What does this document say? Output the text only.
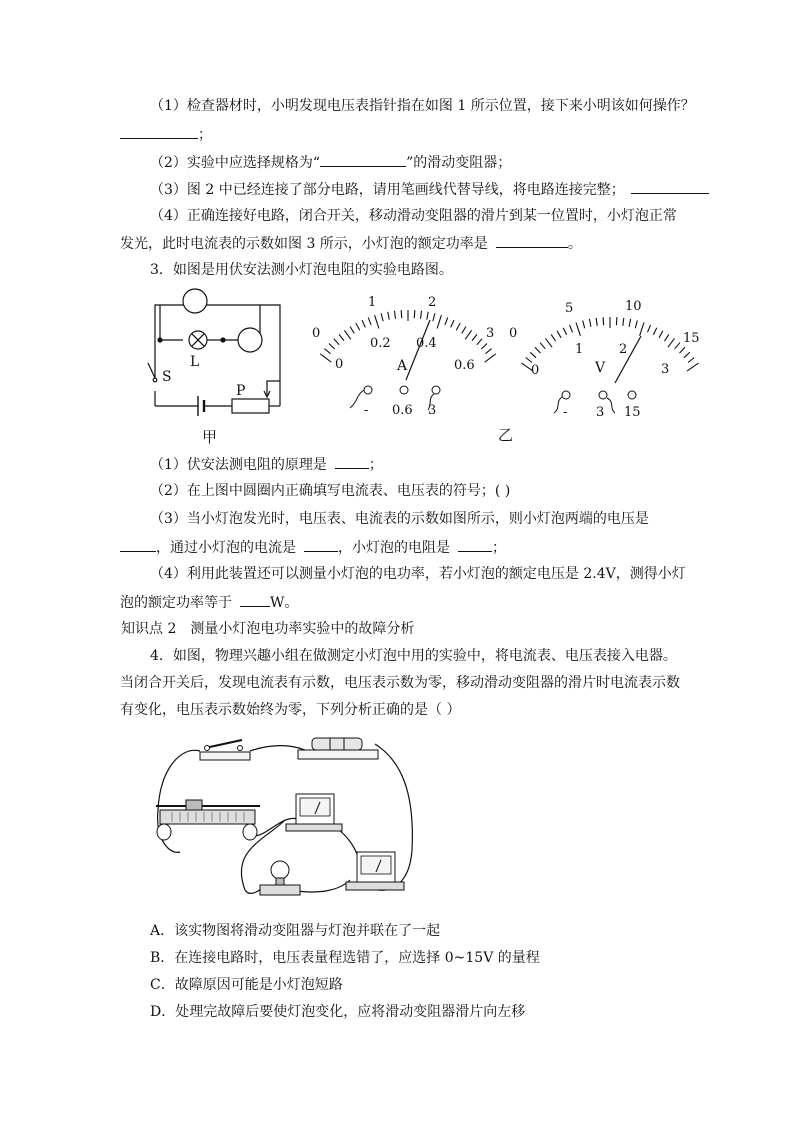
（1）检查器材时，小明发现电压表指针指在如图 1 所示位置，接下来小明该如何操作？
；
（2）实验中应选择规格为“	”的滑动变阻器；
（3）图 2 中已经连接了部分电路，请用笔画线代替导线，将电路连接完整；
（4）正确连接好电路，闭合开关，移动滑动变阻器的滑片到某一位置时，小灯泡正常
发光，此时电流表的示数如图 3 所示，小灯泡的额定功率是	。
3．如图是用伏安法测小灯泡电阻的实验电路图。
L
S
P
甲
0
1	2
3
0
0.2 0.4
0.6
A
- 0.6 3
0
5	10
15
0
1	2
3
V
- 3 15
乙
（1）伏安法测电阻的原理是	；
（2）在上图中圆圈内正确填写电流表、电压表的符号；( )
（3）当小灯泡发光时，电压表、电流表的示数如图所示，则小灯泡两端的电压是
，通过小灯泡的电流是	，小灯泡的电阻是	；
（4）利用此装置还可以测量小灯泡的电功率，若小灯泡的额定电压是 2.4V，测得小灯
泡的额定功率等于	W。
知识点 2 测量小灯泡电功率实验中的故障分析
4．如图，物理兴趣小组在做测定小灯泡中用的实验中，将电流表、电压表接入电器。
当闭合开关后，发现电流表有示数，电压表示数为零，移动滑动变阻器的滑片时电流表示数
有变化，电压表示数始终为零，下列分析正确的是（ ）
A．该实物图将滑动变阻器与灯泡并联在了一起
B．在连接电路时，电压表量程选错了，应选择 0~15V 的量程
C．故障原因可能是小灯泡短路
D．处理完故障后要使灯泡变化，应将滑动变阻器滑片向左移
